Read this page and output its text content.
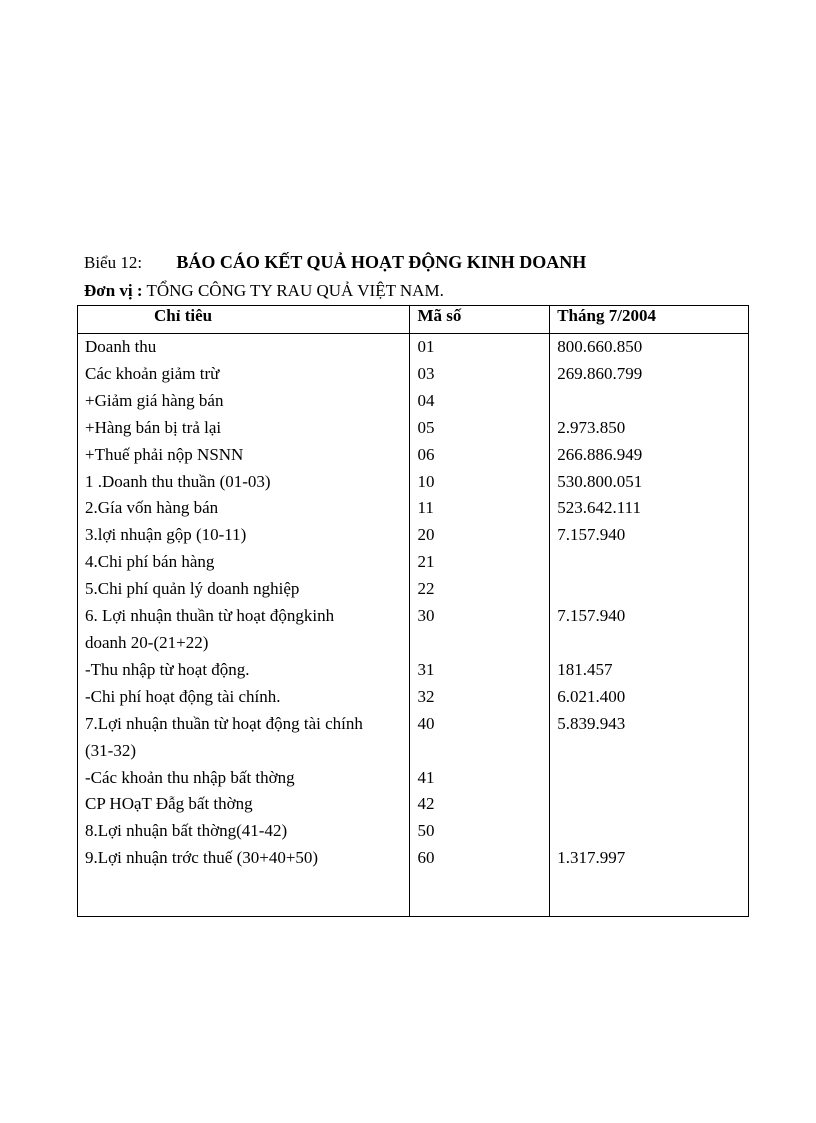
Biểu 12: BÁO CÁO KẾT QUẢ HOẠT ĐỘNG KINH DOANH
Đơn vị : TỔNG CÔNG TY RAU QUẢ VIỆT NAM.
Chỉ tiêu	Mã số	Tháng 7/2004
Doanh thu	01	800.660.850
Các khoản giảm trừ	03	269.860.799
+Giảm giá hàng bán	04	
+Hàng bán bị trả lại	05	2.973.850
+Thuế phải nộp NSNN	06	266.886.949
1 .Doanh thu thuần (01-03)	10	530.800.051
2.Gía vốn hàng bán	11	523.642.111
3.lợi nhuận gộp (10-11)	20	7.157.940
4.Chi phí bán hàng	21	
5.Chi phí quản lý doanh nghiệp	22	
6. Lợi nhuận thuần từ hoạt độngkinh	30	7.157.940
doanh 20-(21+22)		
-Thu nhập từ hoạt động.	31	181.457
-Chi phí hoạt động tài chính.	32	6.021.400
7.Lợi nhuận thuần từ hoạt động tài chính	40	5.839.943
(31-32)		
-Các khoản thu nhập bất thờng	41	
CP HOạT Đẫg bất thờng	42	
8.Lợi nhuận bất thờng(41-42)	50	
9.Lợi nhuận trớc thuế (30+40+50)	60	1.317.997
